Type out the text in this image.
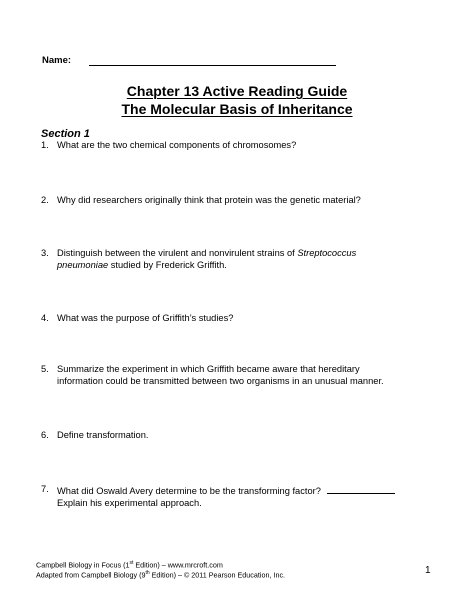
Name:
Chapter 13 Active Reading Guide
The Molecular Basis of Inheritance
Section 1
1. What are the two chemical components of chromosomes?
2. Why did researchers originally think that protein was the genetic material?
3. Distinguish between the virulent and nonvirulent strains of Streptococcus pneumoniae studied by Frederick Griffith.
4. What was the purpose of Griffith’s studies?
5. Summarize the experiment in which Griffith became aware that hereditary information could be transmitted between two organisms in an unusual manner.
6. Define transformation.
7. What did Oswald Avery determine to be the transforming factor?
Explain his experimental approach.
Campbell Biology in Focus (1st Edition) – www.mrcroft.com
Adapted from Campbell Biology (9th Edition) – © 2011 Pearson Education, Inc.	1
